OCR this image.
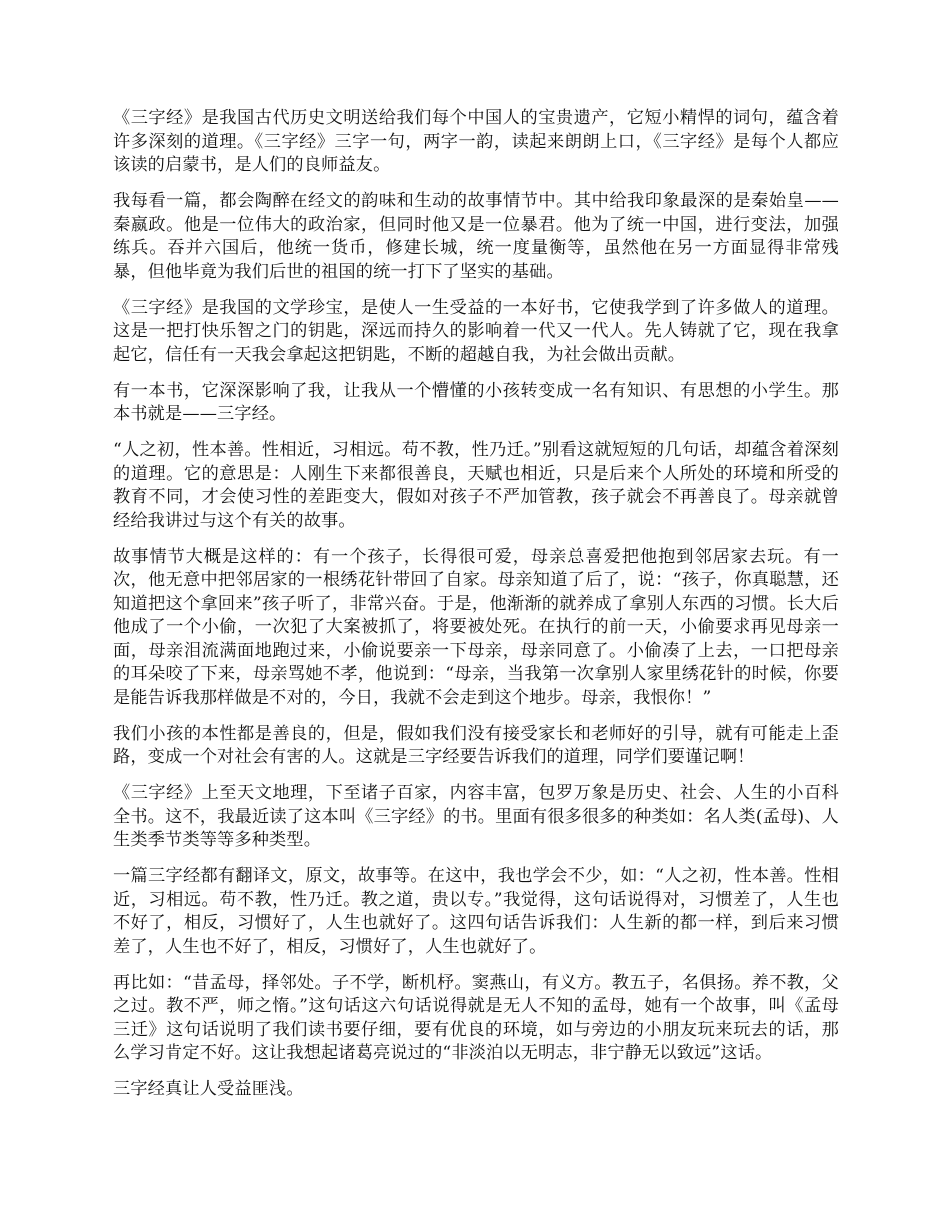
《三字经》是我国古代历史文明送给我们每个中国人的宝贵遗产，它短小精悍的词句，蕴含着许多深刻的道理。《三字经》三字一句，两字一韵，读起来朗朗上口，《三字经》是每个人都应该读的启蒙书，是人们的良师益友。

我每看一篇，都会陶醉在经文的韵味和生动的故事情节中。其中给我印象最深的是秦始皇——秦嬴政。他是一位伟大的政治家，但同时他又是一位暴君。他为了统一中国，进行变法，加强练兵。吞并六国后，他统一货币，修建长城，统一度量衡等，虽然他在另一方面显得非常残暴，但他毕竟为我们后世的祖国的统一打下了坚实的基础。

《三字经》是我国的文学珍宝，是使人一生受益的一本好书，它使我学到了许多做人的道理。这是一把打快乐智之门的钥匙，深远而持久的影响着一代又一代人。先人铸就了它，现在我拿起它，信任有一天我会拿起这把钥匙，不断的超越自我，为社会做出贡献。

有一本书，它深深影响了我，让我从一个懵懂的小孩转变成一名有知识、有思想的小学生。那本书就是——三字经。

“人之初，性本善。性相近，习相远。苟不教，性乃迁。”别看这就短短的几句话，却蕴含着深刻的道理。它的意思是：人刚生下来都很善良，天赋也相近，只是后来个人所处的环境和所受的教育不同，才会使习性的差距变大，假如对孩子不严加管教，孩子就会不再善良了。母亲就曾经给我讲过与这个有关的故事。

故事情节大概是这样的：有一个孩子，长得很可爱，母亲总喜爱把他抱到邻居家去玩。有一次，他无意中把邻居家的一根绣花针带回了自家。母亲知道了后了，说：“孩子，你真聪慧，还知道把这个拿回来”孩子听了，非常兴奋。于是，他渐渐的就养成了拿别人东西的习惯。长大后他成了一个小偷，一次犯了大案被抓了，将要被处死。在执行的前一天，小偷要求再见母亲一面，母亲泪流满面地跑过来，小偷说要亲一下母亲，母亲同意了。小偷凑了上去，一口把母亲的耳朵咬了下来，母亲骂她不孝，他说到：“母亲，当我第一次拿别人家里绣花针的时候，你要是能告诉我那样做是不对的，今日，我就不会走到这个地步。母亲，我恨你！”

我们小孩的本性都是善良的，但是，假如我们没有接受家长和老师好的引导，就有可能走上歪路，变成一个对社会有害的人。这就是三字经要告诉我们的道理，同学们要谨记啊！

《三字经》上至天文地理，下至诸子百家，内容丰富，包罗万象是历史、社会、人生的小百科全书。这不，我最近读了这本叫《三字经》的书。里面有很多很多的种类如：名人类(孟母)、人生类季节类等等多种类型。

一篇三字经都有翻译文，原文，故事等。在这中，我也学会不少，如：“人之初，性本善。性相近，习相远。苟不教，性乃迁。教之道，贵以专。”我觉得，这句话说得对，习惯差了，人生也不好了，相反，习惯好了，人生也就好了。这四句话告诉我们：人生新的都一样，到后来习惯差了，人生也不好了，相反，习惯好了，人生也就好了。

再比如：“昔孟母，择邻处。子不学，断机杼。窦燕山，有义方。教五子，名俱扬。养不教，父之过。教不严，师之惰。”这句话这六句话说得就是无人不知的孟母，她有一个故事，叫《孟母三迁》这句话说明了我们读书要仔细，要有优良的环境，如与旁边的小朋友玩来玩去的话，那么学习肯定不好。这让我想起诸葛亮说过的“非淡泊以无明志，非宁静无以致远”这话。

三字经真让人受益匪浅。
